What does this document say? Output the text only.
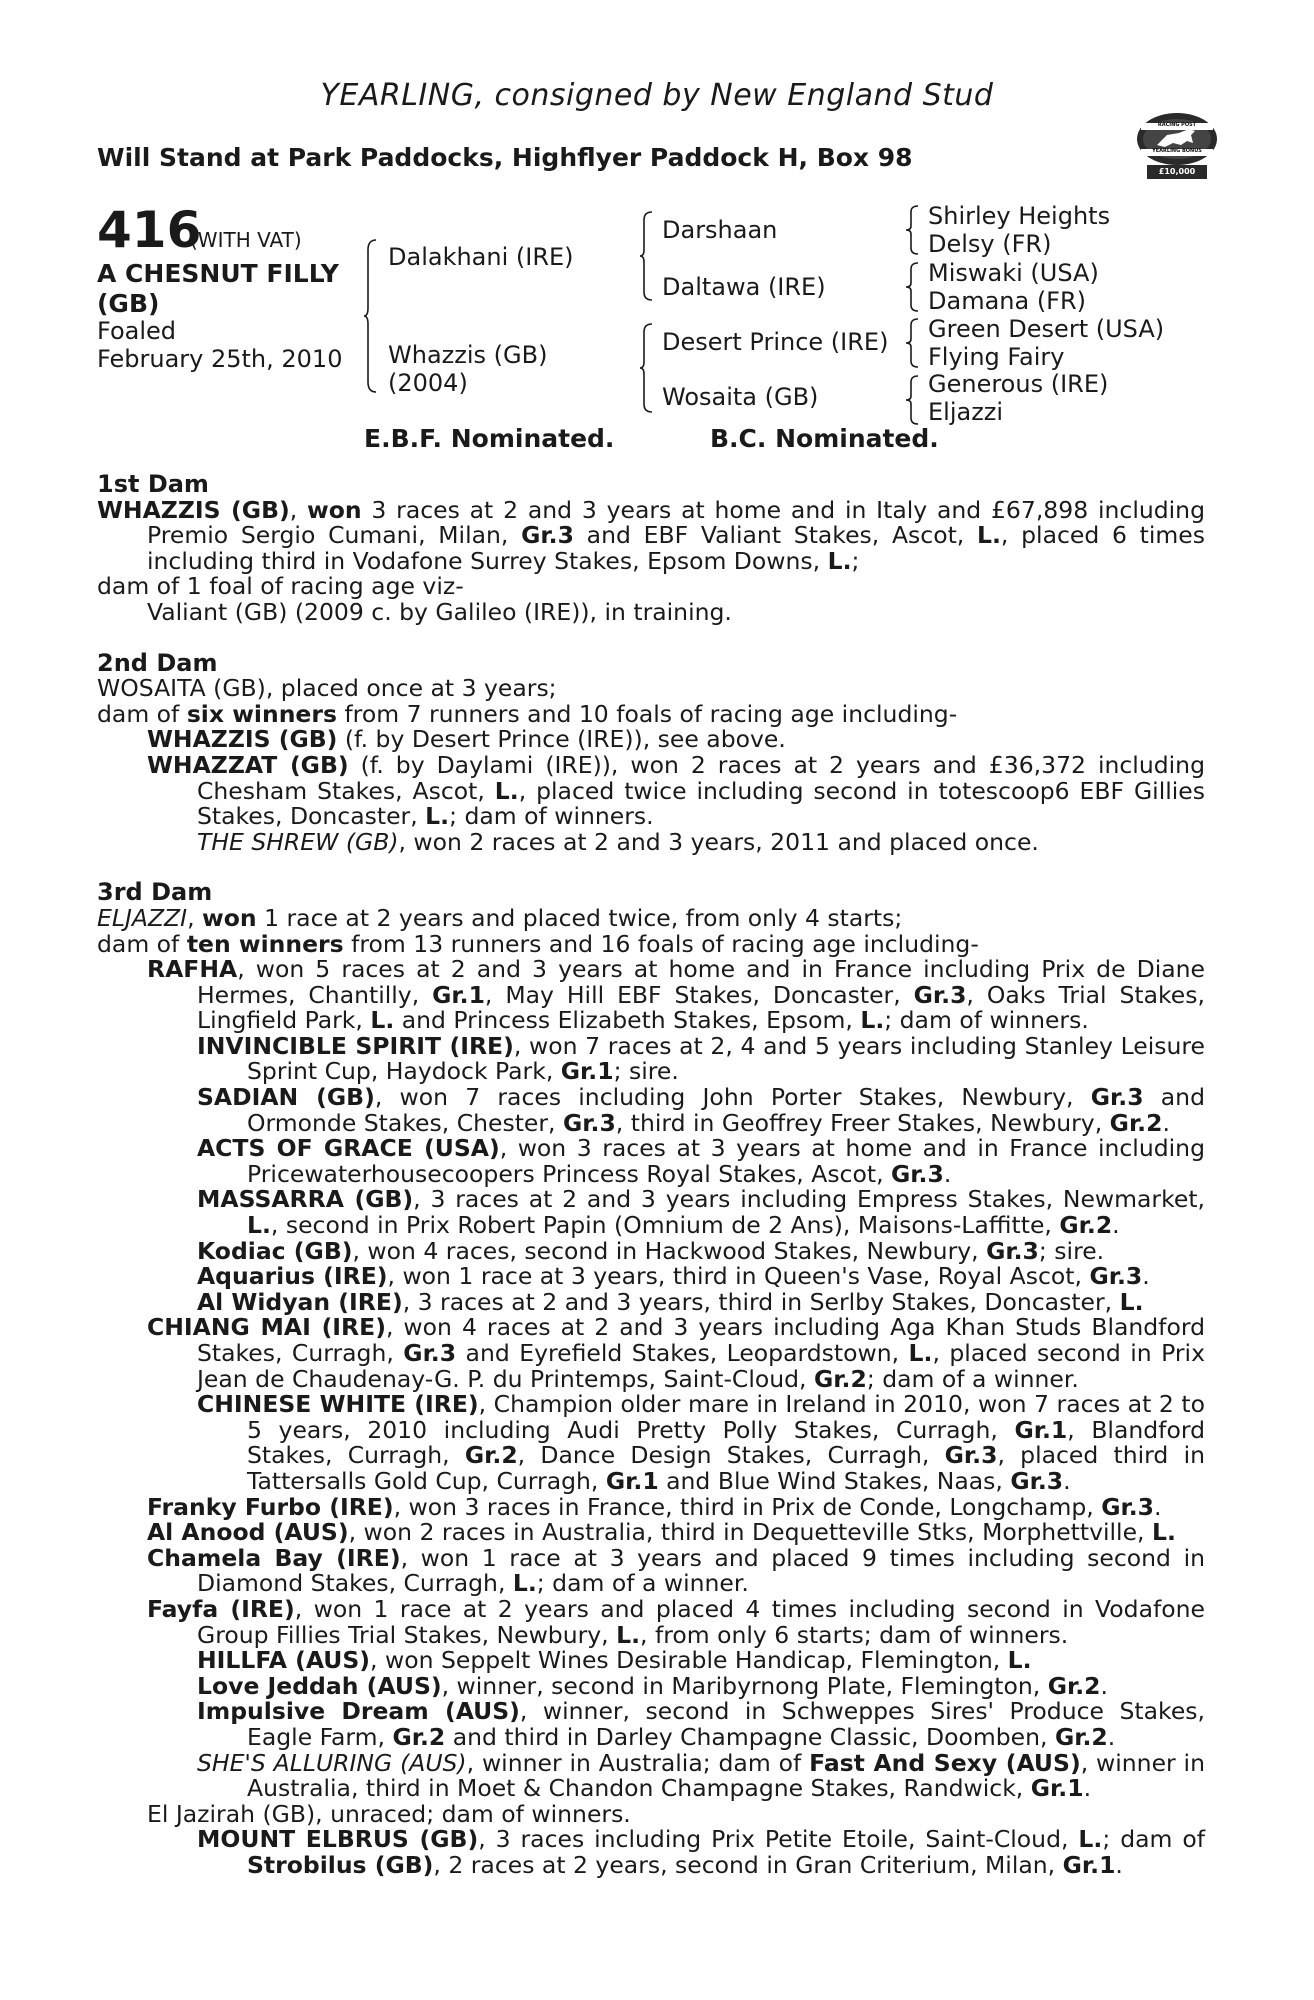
YEARLING, consigned by New England Stud
Will Stand at Park Paddocks, Highflyer Paddock H, Box 98
RACING POST
YEARLING BONUS
£10,000
416
(WITH VAT)
A CHESNUT FILLY
(GB)
Foaled
February 25th, 2010
Dalakhani (IRE)
Whazzis (GB)
(2004)
Darshaan
Daltawa (IRE)
Desert Prince (IRE)
Wosaita (GB)
Shirley Heights
Delsy (FR)
Miswaki (USA)
Damana (FR)
Green Desert (USA)
Flying Fairy
Generous (IRE)
Eljazzi
E.B.F. Nominated.	B.C. Nominated.
1st Dam
WHAZZIS (GB), won 3 races at 2 and 3 years at home and in Italy and £67,898 including Premio Sergio Cumani, Milan, Gr.3 and EBF Valiant Stakes, Ascot, L., placed 6 times including third in Vodafone Surrey Stakes, Epsom Downs, L.;
dam of 1 foal of racing age viz-
Valiant (GB) (2009 c. by Galileo (IRE)), in training.
2nd Dam
WOSAITA (GB), placed once at 3 years;
dam of six winners from 7 runners and 10 foals of racing age including-
WHAZZIS (GB) (f. by Desert Prince (IRE)), see above.
WHAZZAT (GB) (f. by Daylami (IRE)), won 2 races at 2 years and £36,372 including Chesham Stakes, Ascot, L., placed twice including second in totescoop6 EBF Gillies Stakes, Doncaster, L.; dam of winners.
THE SHREW (GB), won 2 races at 2 and 3 years, 2011 and placed once.
3rd Dam
ELJAZZI, won 1 race at 2 years and placed twice, from only 4 starts;
dam of ten winners from 13 runners and 16 foals of racing age including-
RAFHA, won 5 races at 2 and 3 years at home and in France including Prix de Diane Hermes, Chantilly, Gr.1, May Hill EBF Stakes, Doncaster, Gr.3, Oaks Trial Stakes, Lingfield Park, L. and Princess Elizabeth Stakes, Epsom, L.; dam of winners.
INVINCIBLE SPIRIT (IRE), won 7 races at 2, 4 and 5 years including Stanley Leisure Sprint Cup, Haydock Park, Gr.1; sire.
SADIAN (GB), won 7 races including John Porter Stakes, Newbury, Gr.3 and Ormonde Stakes, Chester, Gr.3, third in Geoffrey Freer Stakes, Newbury, Gr.2.
ACTS OF GRACE (USA), won 3 races at 3 years at home and in France including Pricewaterhousecoopers Princess Royal Stakes, Ascot, Gr.3.
MASSARRA (GB), 3 races at 2 and 3 years including Empress Stakes, Newmarket, L., second in Prix Robert Papin (Omnium de 2 Ans), Maisons-Laffitte, Gr.2.
Kodiac (GB), won 4 races, second in Hackwood Stakes, Newbury, Gr.3; sire.
Aquarius (IRE), won 1 race at 3 years, third in Queen's Vase, Royal Ascot, Gr.3.
Al Widyan (IRE), 3 races at 2 and 3 years, third in Serlby Stakes, Doncaster, L.
CHIANG MAI (IRE), won 4 races at 2 and 3 years including Aga Khan Studs Blandford Stakes, Curragh, Gr.3 and Eyrefield Stakes, Leopardstown, L., placed second in Prix Jean de Chaudenay-G. P. du Printemps, Saint-Cloud, Gr.2; dam of a winner.
CHINESE WHITE (IRE), Champion older mare in Ireland in 2010, won 7 races at 2 to 5 years, 2010 including Audi Pretty Polly Stakes, Curragh, Gr.1, Blandford Stakes, Curragh, Gr.2, Dance Design Stakes, Curragh, Gr.3, placed third in Tattersalls Gold Cup, Curragh, Gr.1 and Blue Wind Stakes, Naas, Gr.3.
Franky Furbo (IRE), won 3 races in France, third in Prix de Conde, Longchamp, Gr.3.
Al Anood (AUS), won 2 races in Australia, third in Dequetteville Stks, Morphettville, L.
Chamela Bay (IRE), won 1 race at 3 years and placed 9 times including second in Diamond Stakes, Curragh, L.; dam of a winner.
Fayfa (IRE), won 1 race at 2 years and placed 4 times including second in Vodafone Group Fillies Trial Stakes, Newbury, L., from only 6 starts; dam of winners.
HILLFA (AUS), won Seppelt Wines Desirable Handicap, Flemington, L.
Love Jeddah (AUS), winner, second in Maribyrnong Plate, Flemington, Gr.2.
Impulsive Dream (AUS), winner, second in Schweppes Sires' Produce Stakes, Eagle Farm, Gr.2 and third in Darley Champagne Classic, Doomben, Gr.2.
SHE'S ALLURING (AUS), winner in Australia; dam of Fast And Sexy (AUS), winner in Australia, third in Moet & Chandon Champagne Stakes, Randwick, Gr.1.
El Jazirah (GB), unraced; dam of winners.
MOUNT ELBRUS (GB), 3 races including Prix Petite Etoile, Saint-Cloud, L.; dam of Strobilus (GB), 2 races at 2 years, second in Gran Criterium, Milan, Gr.1.
